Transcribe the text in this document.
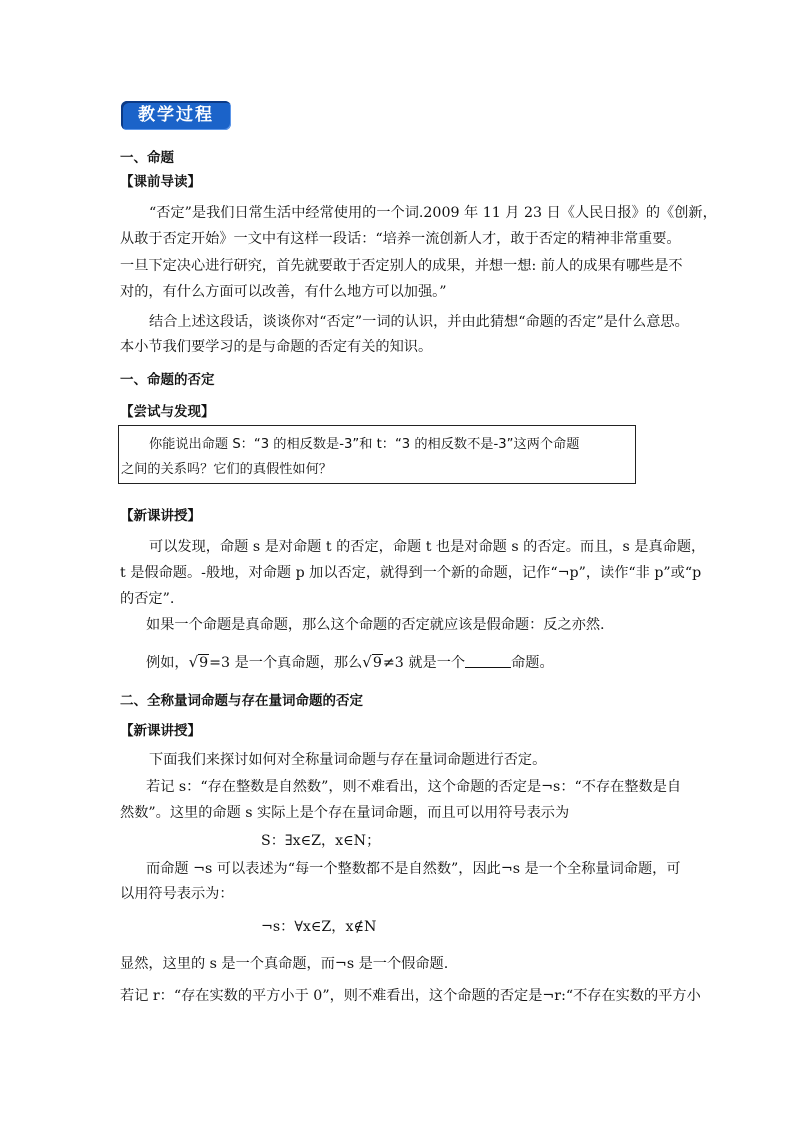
教学过程
一、命题
【课前导读】
“否定”是我们日常生活中经常使用的一个词.2009 年 11 月 23 日《人民日报》的《创新，
从敢于否定开始》一文中有这样一段话：“培养一流创新人才，敢于否定的精神非常重要。
一旦下定决心进行研究，首先就要敢于否定别人的成果，并想一想: 前人的成果有哪些是不
对的，有什么方面可以改善，有什么地方可以加强。”
结合上述这段话，谈谈你对“否定”一词的认识，并由此猜想“命题的否定”是什么意思。
本小节我们要学习的是与命题的否定有关的知识。
一、命题的否定
【尝试与发现】
你能说出命题 S：“3 的相反数是-3”和 t：“3 的相反数不是-3”这两个命题
之间的关系吗？它们的真假性如何？
【新课讲授】
可以发现，命题 s 是对命题 t 的否定，命题 t 也是对命题 s 的否定。而且，s 是真命题，
t 是假命题。-般地，对命题 p 加以否定，就得到一个新的命题，记作“¬p”，读作“非 p”或“p
的否定”.
如果一个命题是真命题，那么这个命题的否定就应该是假命题：反之亦然.
例如，√9=3 是一个真命题，那么√9≠3 就是一个	命题。
二、全称量词命题与存在量词命题的否定
【新课讲授】
下面我们来探讨如何对全称量词命题与存在量词命题进行否定。
若记 s：“存在整数是自然数”，则不难看出，这个命题的否定是¬s：“不存在整数是自
然数”。这里的命题 s 实际上是个存在量词命题，而且可以用符号表示为
S：∃x∈Z，x∈N；
而命题 ¬s 可以表述为“每一个整数都不是自然数”，因此¬s 是一个全称量词命题，可
以用符号表示为：
¬s：∀x∈Z，x∉N
显然，这里的 s 是一个真命题，而¬s 是一个假命题.
若记 r：“存在实数的平方小于 0”，则不难看出，这个命题的否定是¬r:“不存在实数的平方小
